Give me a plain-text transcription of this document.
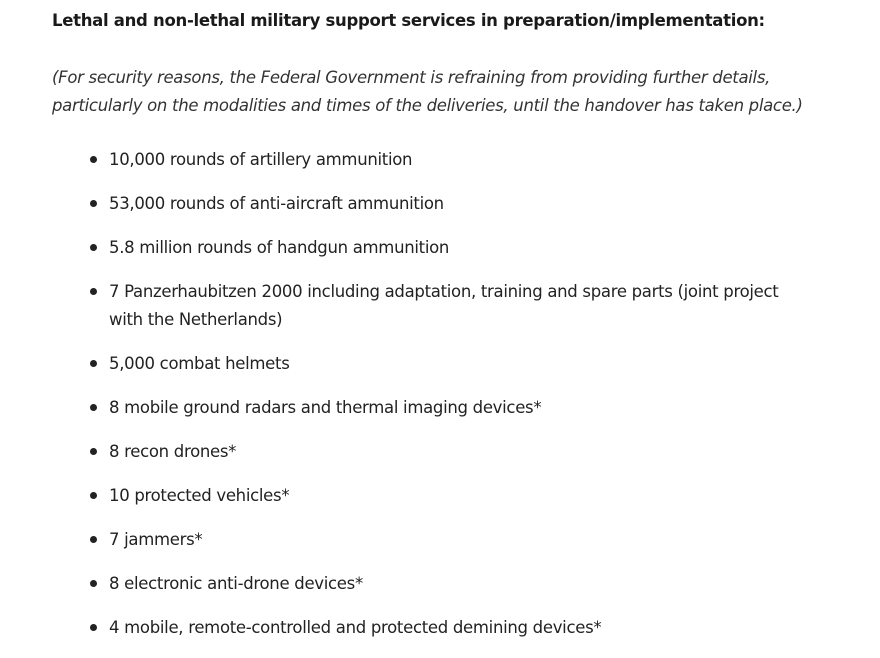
Lethal and non-lethal military support services in preparation/implementation:
(For security reasons, the Federal Government is refraining from providing further details,
particularly on the modalities and times of the deliveries, until the handover has taken place.)
10,000 rounds of artillery ammunition
53,000 rounds of anti-aircraft ammunition
5.8 million rounds of handgun ammunition
7 Panzerhaubitzen 2000 including adaptation, training and spare parts (joint project
with the Netherlands)
5,000 combat helmets
8 mobile ground radars and thermal imaging devices*
8 recon drones*
10 protected vehicles*
7 jammers*
8 electronic anti-drone devices*
4 mobile, remote-controlled and protected demining devices*
